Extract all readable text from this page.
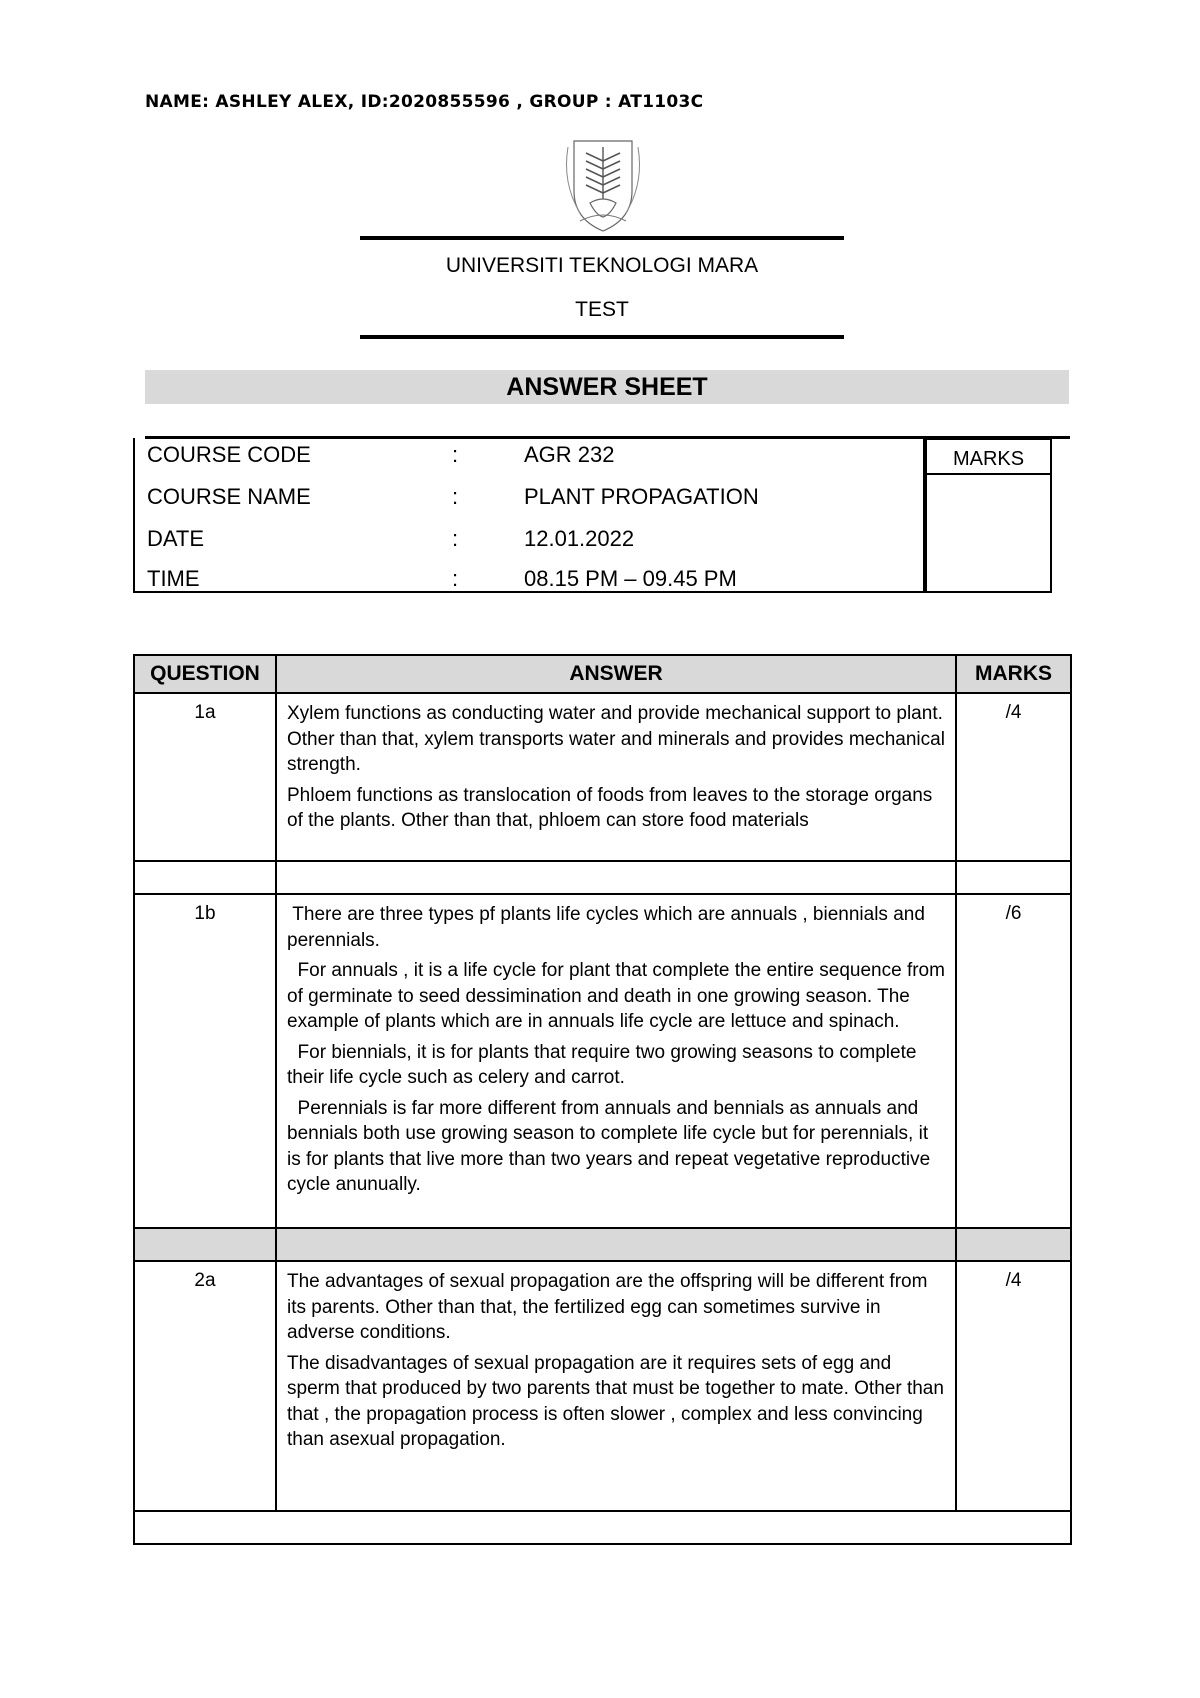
NAME: ASHLEY ALEX, ID:2020855596 , GROUP : AT1103C
UNIVERSITI TEKNOLOGI MARA
TEST
ANSWER SHEET
COURSE CODE	:	AGR 232
COURSE NAME	:	PLANT PROPAGATION
DATE	:	12.01.2022
TIME	:	08.15 PM – 09.45 PM
MARKS
QUESTION	ANSWER	MARKS
1a	Xylem functions as conducting water and provide mechanical support to plant. Other than that, xylem transports water and minerals and provides mechanical strength.

Phloem functions as translocation of foods from leaves to the storage organs of the plants. Other than that, phloem can store food materials	/4

1b	There are three types pf plants life cycles which are annuals , biennials and perennials.

For annuals , it is a life cycle for plant that complete the entire sequence from of germinate to seed dessimination and death in one growing season. The example of plants which are in annuals life cycle are lettuce and spinach.

For biennials, it is for plants that require two growing seasons to complete their life cycle such as celery and carrot.

Perennials is far more different from annuals and bennials as annuals and bennials both use growing season to complete life cycle but for perennials, it is for plants that live more than two years and repeat vegetative reproductive cycle anunually.	/6

2a	The advantages of sexual propagation are the offspring will be different from its parents. Other than that, the fertilized egg can sometimes survive in adverse conditions.

The disadvantages of sexual propagation are it requires sets of egg and sperm that produced by two parents that must be together to mate. Other than that , the propagation process is often slower , complex and less convincing than asexual propagation.	/4
